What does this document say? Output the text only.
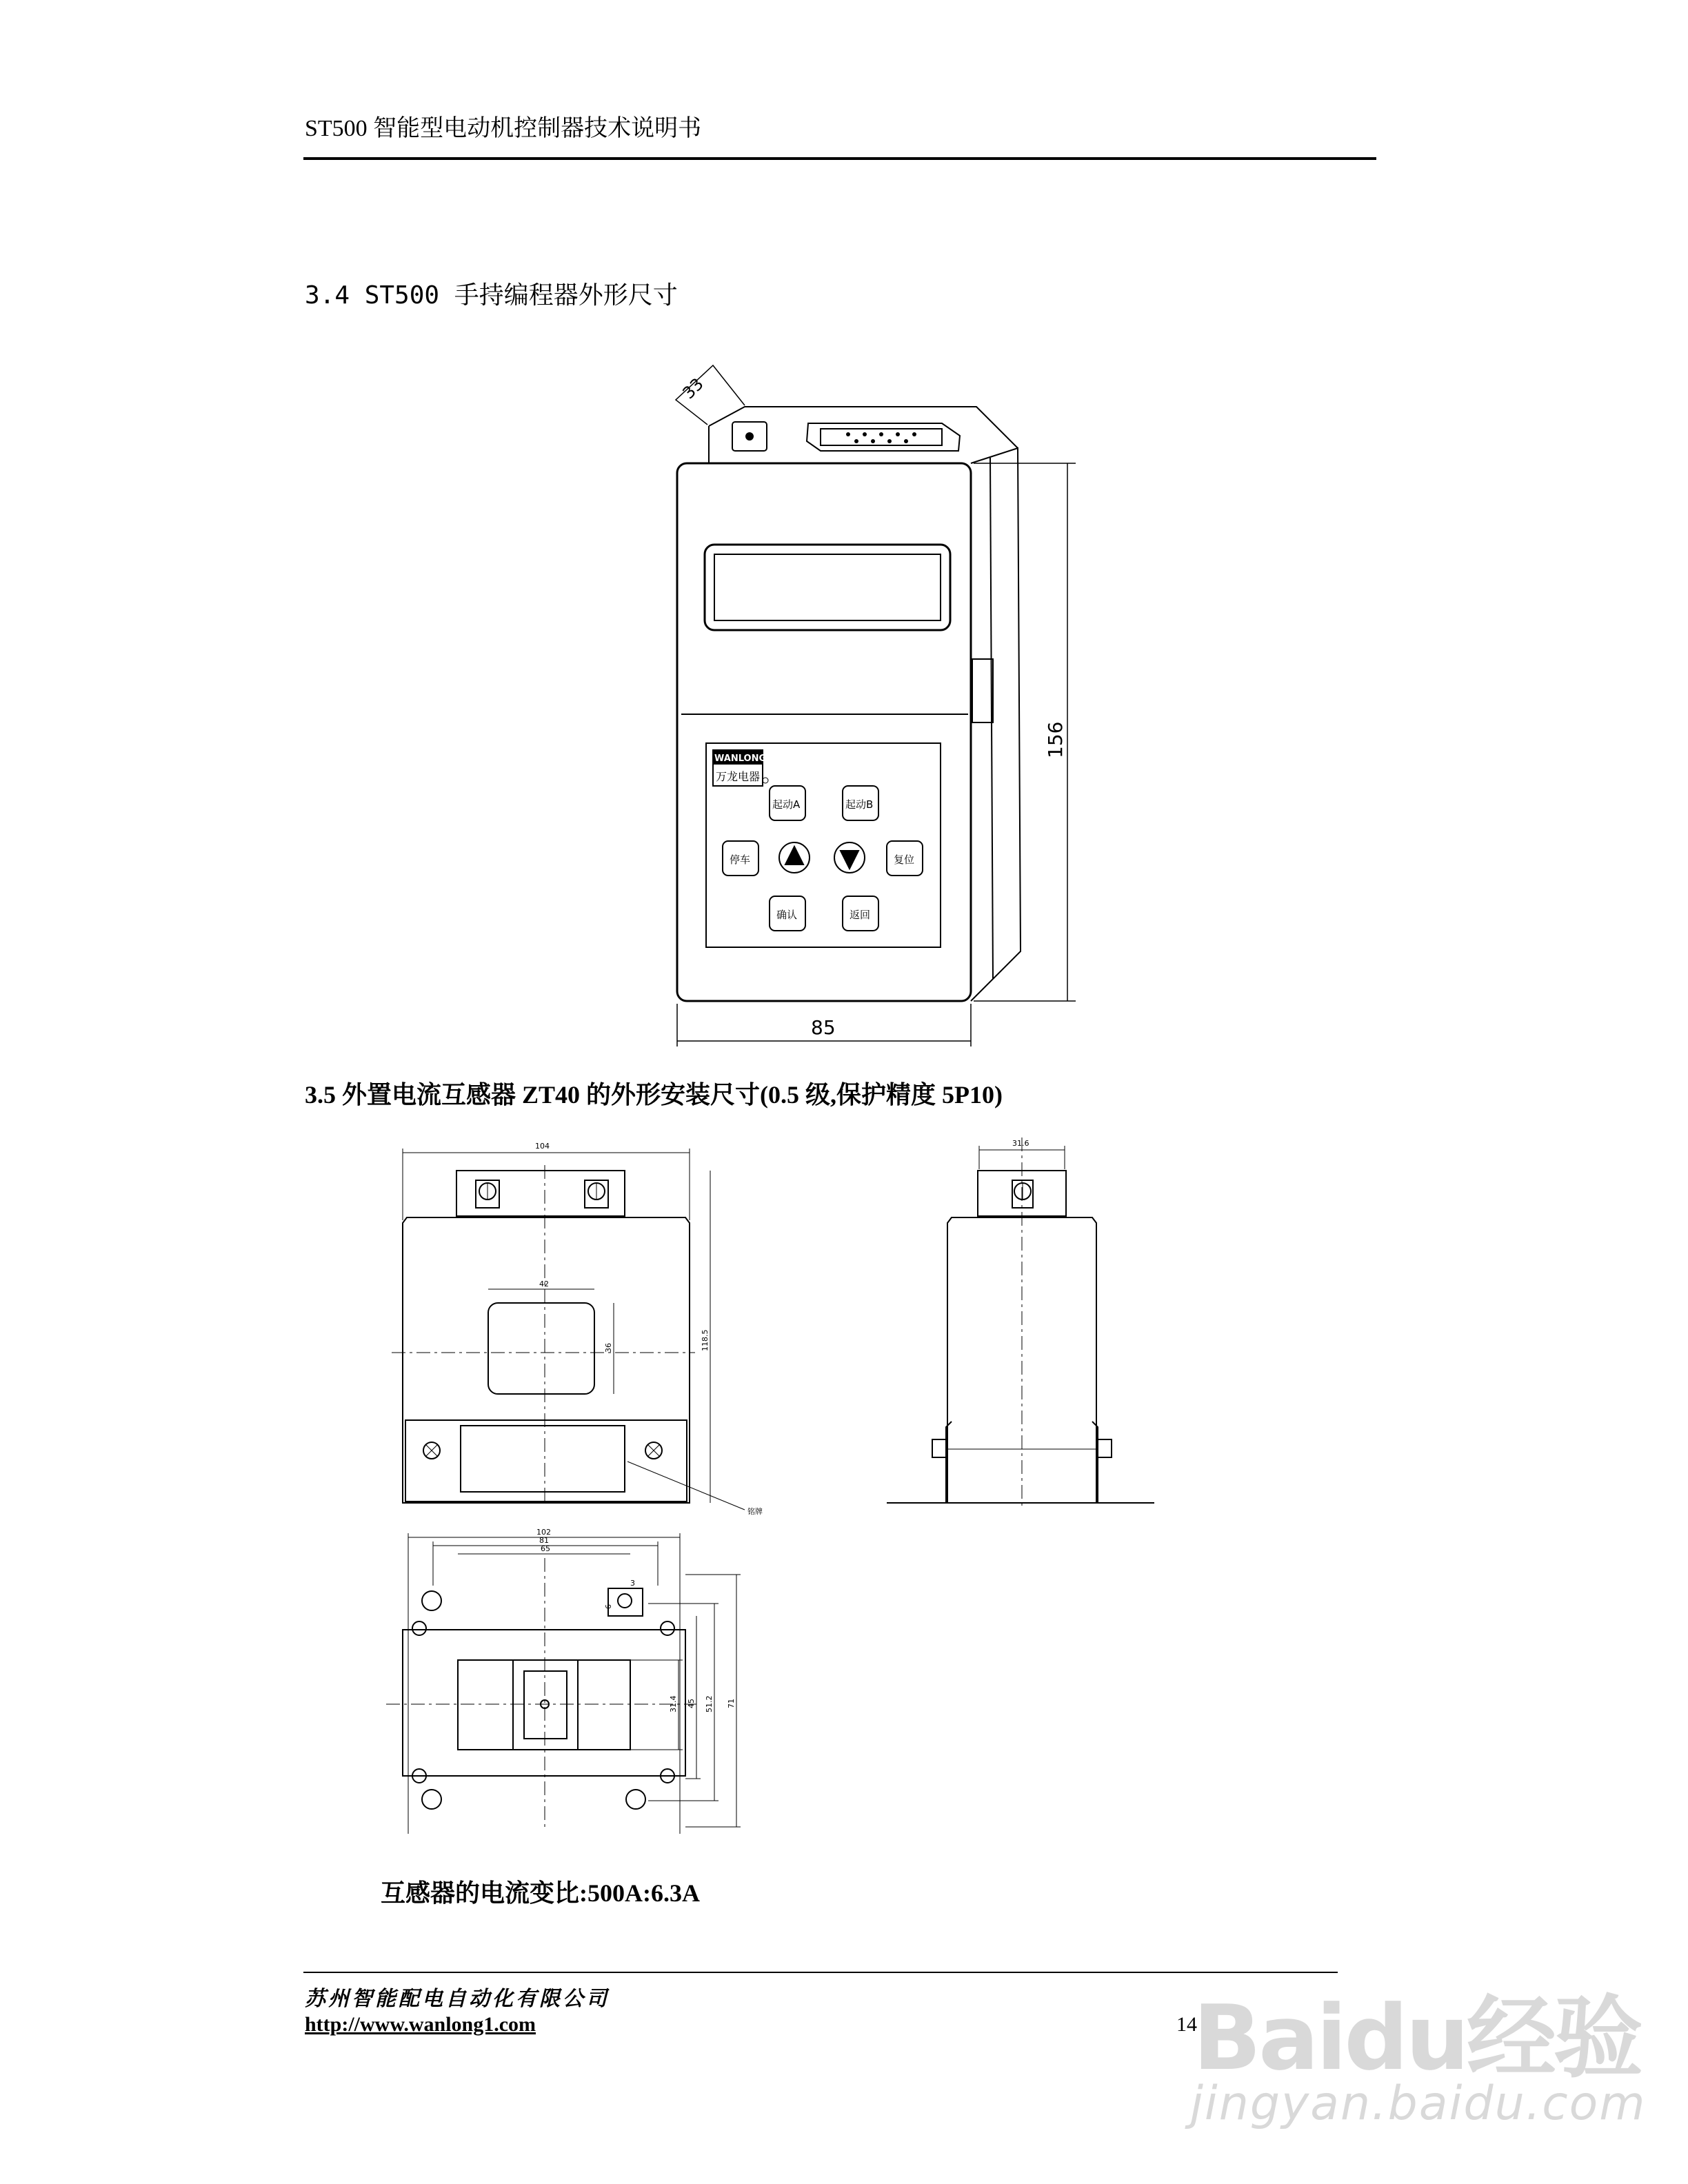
ST500 智能型电动机控制器技术说明书
3.4 ST500 手持编程器外形尺寸
33
156
85
WANLONG
万龙电器
起动A	起动B
停车	复位
确认	返回
104
42
36	118.5
铭牌
31.6
102
81
65
6
3
31.4 45 51.2 71
3.5 外置电流互感器 ZT40 的外形安装尺寸(0.5 级,保护精度 5P10)
互感器的电流变比:500A:6.3A
苏州智能配电自动化有限公司
http://www.wanlong1.com	14
Baidu经验
jingyan.baidu.com
